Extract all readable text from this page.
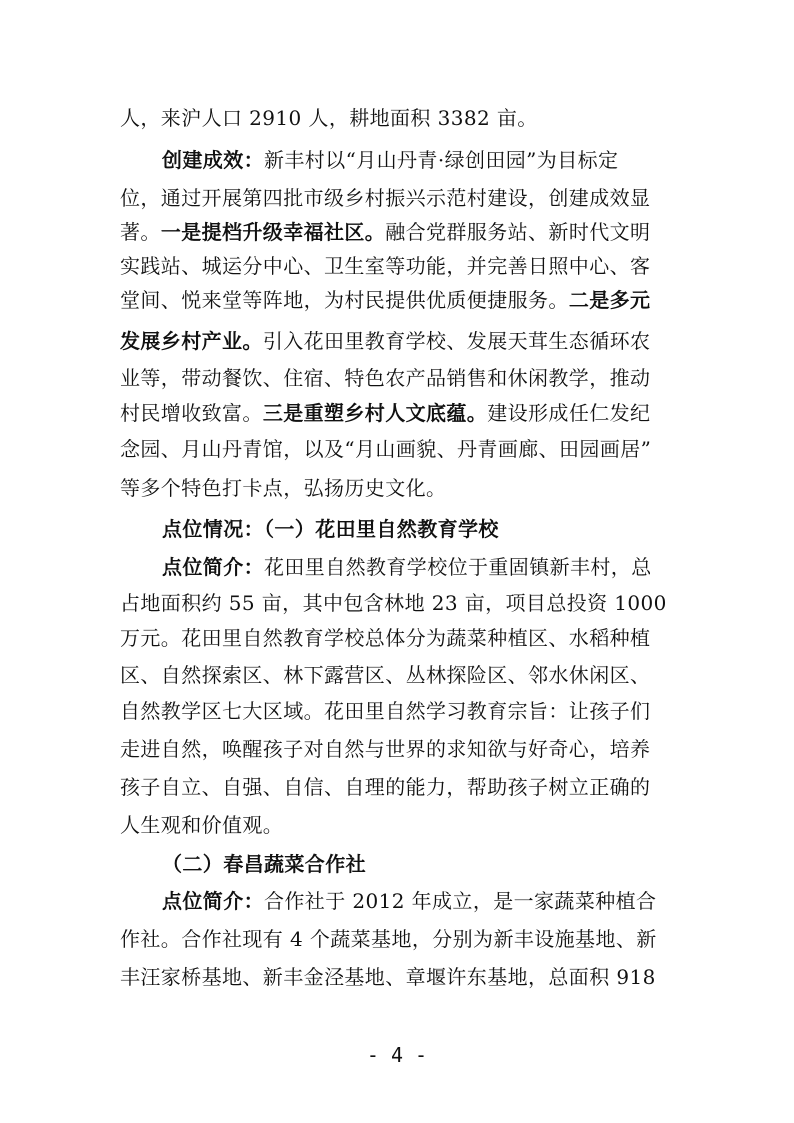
人，来沪人口 2910 人，耕地面积 3382 亩。
创建成效：新丰村以“月山丹青·绿创田园”为目标定
位，通过开展第四批市级乡村振兴示范村建设，创建成效显
著。一是提档升级幸福社区。融合党群服务站、新时代文明
实践站、城运分中心、卫生室等功能，并完善日照中心、客
堂间、悦来堂等阵地，为村民提供优质便捷服务。二是多元
发展乡村产业。引入花田里教育学校、发展天茸生态循环农
业等，带动餐饮、住宿、特色农产品销售和休闲教学，推动
村民增收致富。三是重塑乡村人文底蕴。建设形成任仁发纪
念园、月山丹青馆，以及“月山画貌、丹青画廊、田园画居”
等多个特色打卡点，弘扬历史文化。
点位情况：（一）花田里自然教育学校
点位简介：花田里自然教育学校位于重固镇新丰村，总
占地面积约 55 亩，其中包含林地 23 亩，项目总投资 1000
万元。花田里自然教育学校总体分为蔬菜种植区、水稻种植
区、自然探索区、林下露营区、丛林探险区、邻水休闲区、
自然教学区七大区域。花田里自然学习教育宗旨：让孩子们
走进自然，唤醒孩子对自然与世界的求知欲与好奇心，培养
孩子自立、自强、自信、自理的能力，帮助孩子树立正确的
人生观和价值观。
（二）春昌蔬菜合作社
点位简介：合作社于 2012 年成立，是一家蔬菜种植合
作社。合作社现有 4 个蔬菜基地，分别为新丰设施基地、新
丰汪家桥基地、新丰金泾基地、章堰许东基地，总面积 918
- 4 -
